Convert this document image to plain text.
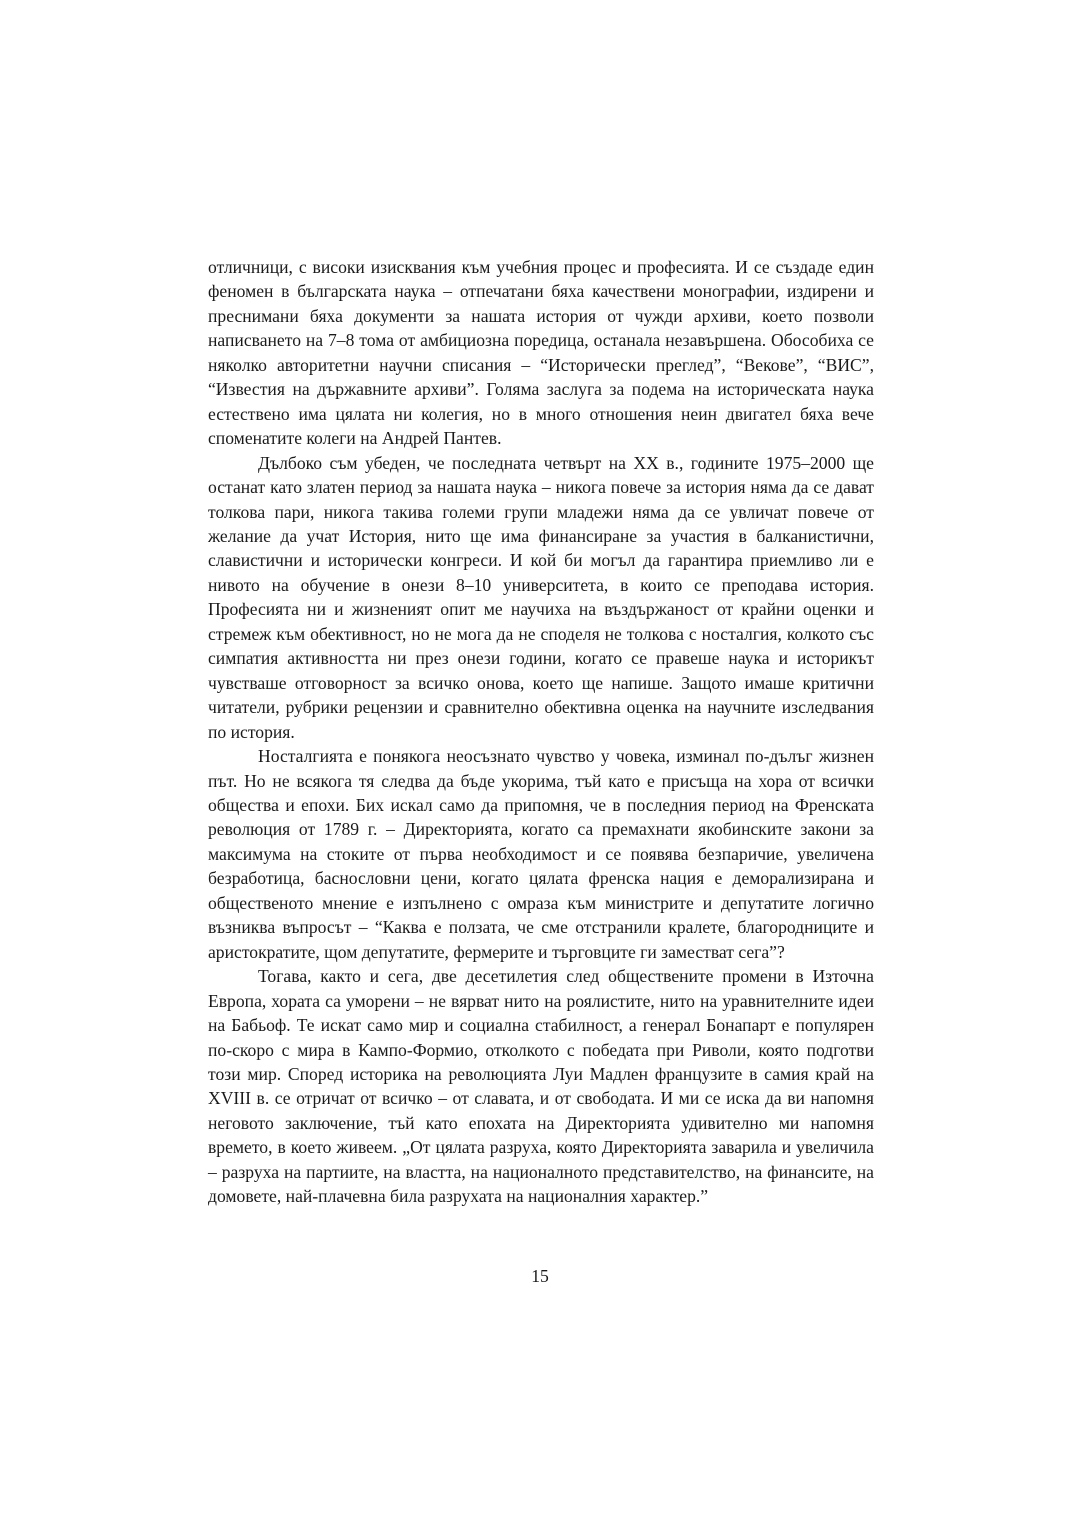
отличници, с високи изисквания към учебния процес и професията. И се създаде един феномен в българската наука – отпечатани бяха качествени монографии, издирени и преснимани бяха документи за нашата история от чужди архиви, което позволи написването на 7–8 тома от амбициозна поредица, останала незавършена. Обособиха се няколко авторитетни научни списания – “Исторически преглед”, “Векове”, “ВИС”, “Известия на държавните архиви”. Голяма заслуга за подема на историческата наука естествено има цялата ни колегия, но в много отношения неин двигател бяха вече споменатите колеги на Андрей Пантев.

Дълбоко съм убеден, че последната четвърт на XX в., годините 1975–2000 ще останат като златен период за нашата наука – никога повече за история няма да се дават толкова пари, никога такива големи групи младежи няма да се увличат повече от желание да учат История, нито ще има финансиране за участия в балканистични, славистични и исторически конгреси. И кой би могъл да гарантира приемливо ли е нивото на обучение в онези 8–10 университета, в които се преподава история. Професията ни и жизненият опит ме научиха на въздържаност от крайни оценки и стремеж към обективност, но не мога да не споделя не толкова с носталгия, колкото със симпатия активността ни през онези години, когато се правеше наука и историкът чувстваше отговорност за всичко онова, което ще напише. Защото имаше критични читатели, рубрики рецензии и сравнително обективна оценка на научните изследвания по история.

Носталгията е понякога неосъзнато чувство у човека, изминал по-дълъг жизнен път. Но не всякога тя следва да бъде укорима, тъй като е присъща на хора от всички общества и епохи. Бих искал само да припомня, че в последния период на Френската революция от 1789 г. – Директорията, когато са премахнати якобинските закони за максимума на стоките от първа необходимост и се появява безпаричие, увеличена безработица, баснословни цени, когато цялата френска нация е деморализирана и общественото мнение е изпълнено с омраза към министрите и депутатите логично възниква въпросът – “Каква е ползата, че сме отстранили кралете, благородниците и аристократите, щом депутатите, фермерите и търговците ги заместват сега”?

Тогава, както и сега, две десетилетия след обществените промени в Източна Европа, хората са уморени – не вярват нито на роялистите, нито на уравнителните идеи на Бабьоф. Те искат само мир и социална стабилност, а генерал Бонапарт е популярен по-скоро с мира в Кампо-Формио, отколкото с победата при Риволи, която подготви този мир. Според историка на революцията Луи Мадлен французите в самия край на XVIII в. се отричат от всичко – от славата, и от свободата. И ми се иска да ви напомня неговото заключение, тъй като епохата на Директорията удивително ми напомня времето, в което живеем. „От цялата разруха, която Директорията заварила и увеличила – разруха на партиите, на властта, на националното представителство, на финансите, на домовете, най-плачевна била разрухата на националния характер.”

15
